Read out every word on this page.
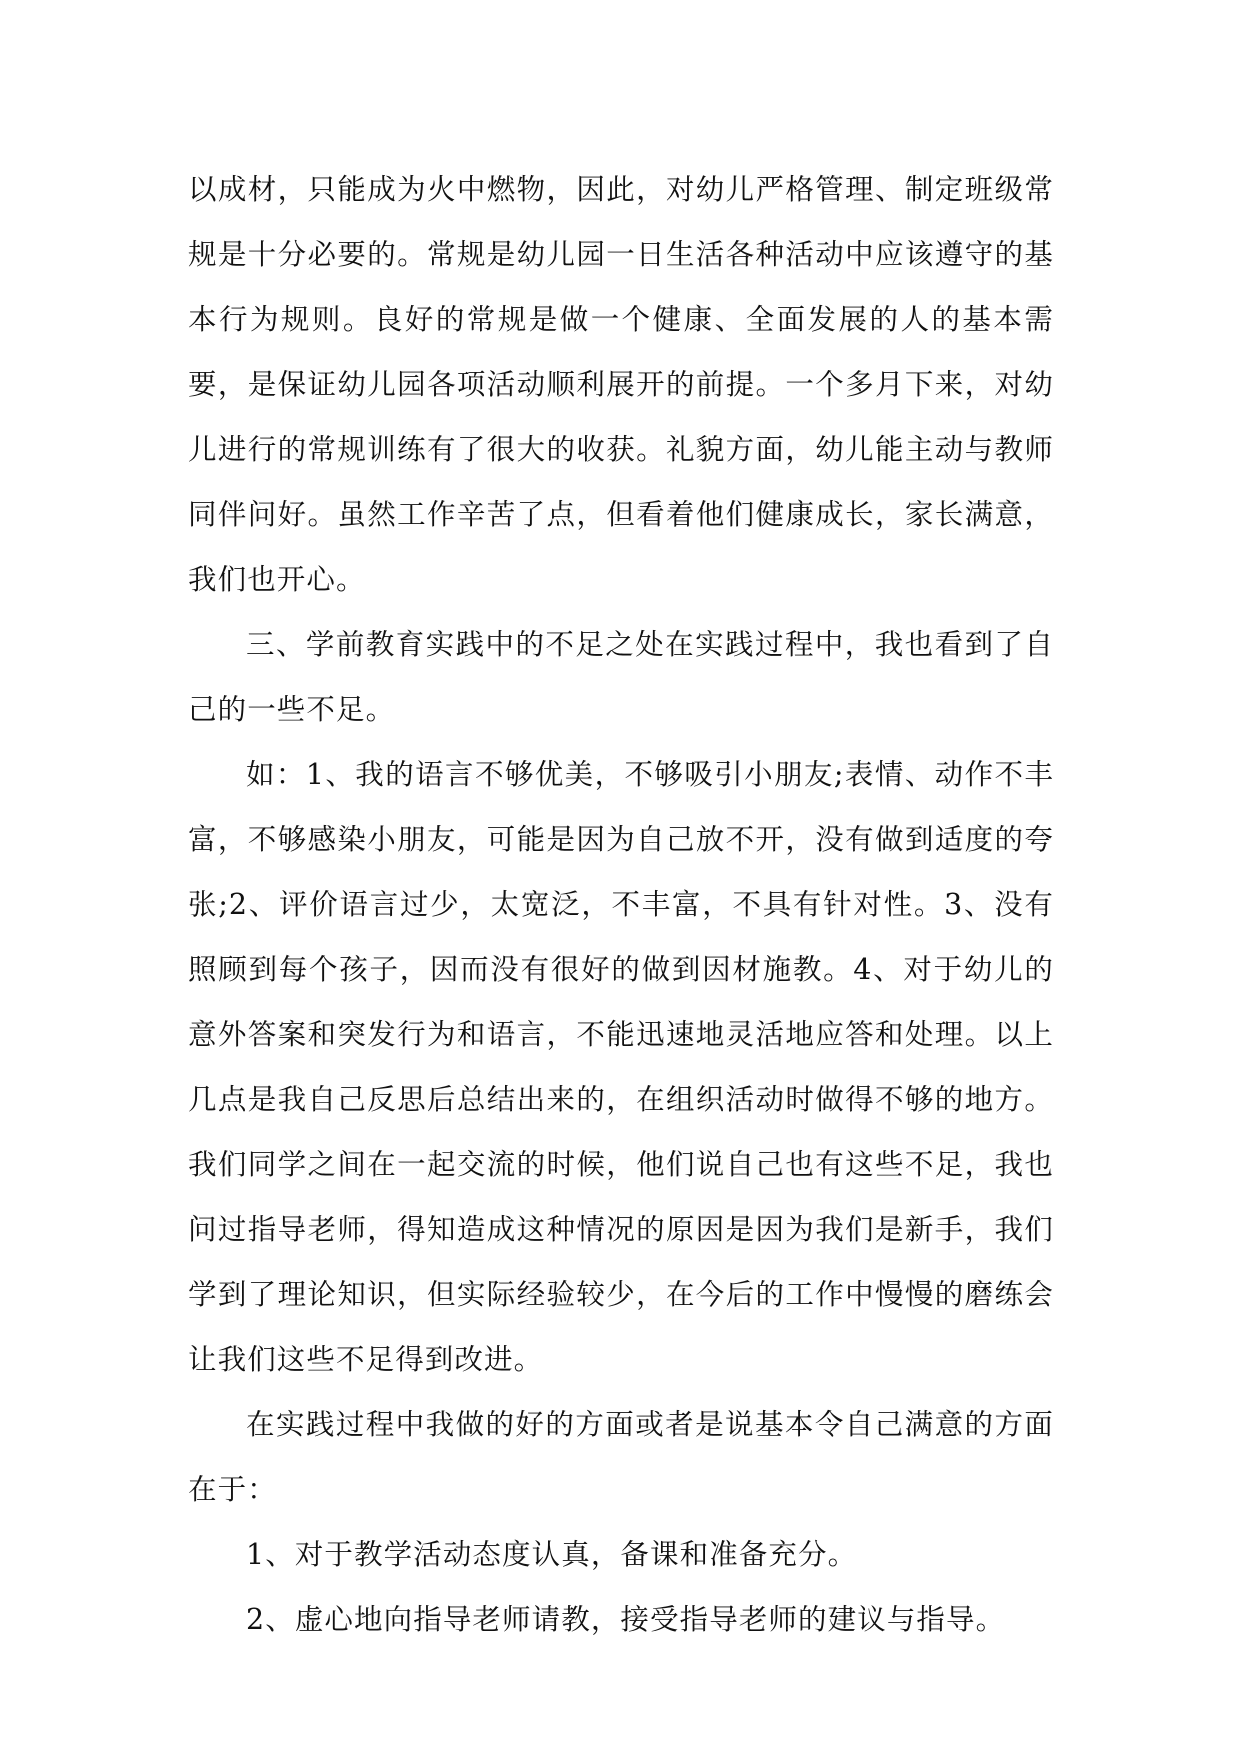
以成材，只能成为火中燃物，因此，对幼儿严格管理、制定班级常规是十分必要的。常规是幼儿园一日生活各种活动中应该遵守的基本行为规则。良好的常规是做一个健康、全面发展的人的基本需要，是保证幼儿园各项活动顺利展开的前提。一个多月下来，对幼儿进行的常规训练有了很大的收获。礼貌方面，幼儿能主动与教师同伴问好。虽然工作辛苦了点，但看着他们健康成长，家长满意，我们也开心。

三、学前教育实践中的不足之处在实践过程中，我也看到了自己的一些不足。

如：1、我的语言不够优美，不够吸引小朋友;表情、动作不丰富，不够感染小朋友，可能是因为自己放不开，没有做到适度的夸张;2、评价语言过少，太宽泛，不丰富，不具有针对性。3、没有照顾到每个孩子，因而没有很好的做到因材施教。4、对于幼儿的意外答案和突发行为和语言，不能迅速地灵活地应答和处理。以上几点是我自己反思后总结出来的，在组织活动时做得不够的地方。我们同学之间在一起交流的时候，他们说自己也有这些不足，我也问过指导老师，得知造成这种情况的原因是因为我们是新手，我们学到了理论知识，但实际经验较少，在今后的工作中慢慢的磨练会让我们这些不足得到改进。

在实践过程中我做的好的方面或者是说基本令自己满意的方面在于：

1、对于教学活动态度认真，备课和准备充分。

2、虚心地向指导老师请教，接受指导老师的建议与指导。
